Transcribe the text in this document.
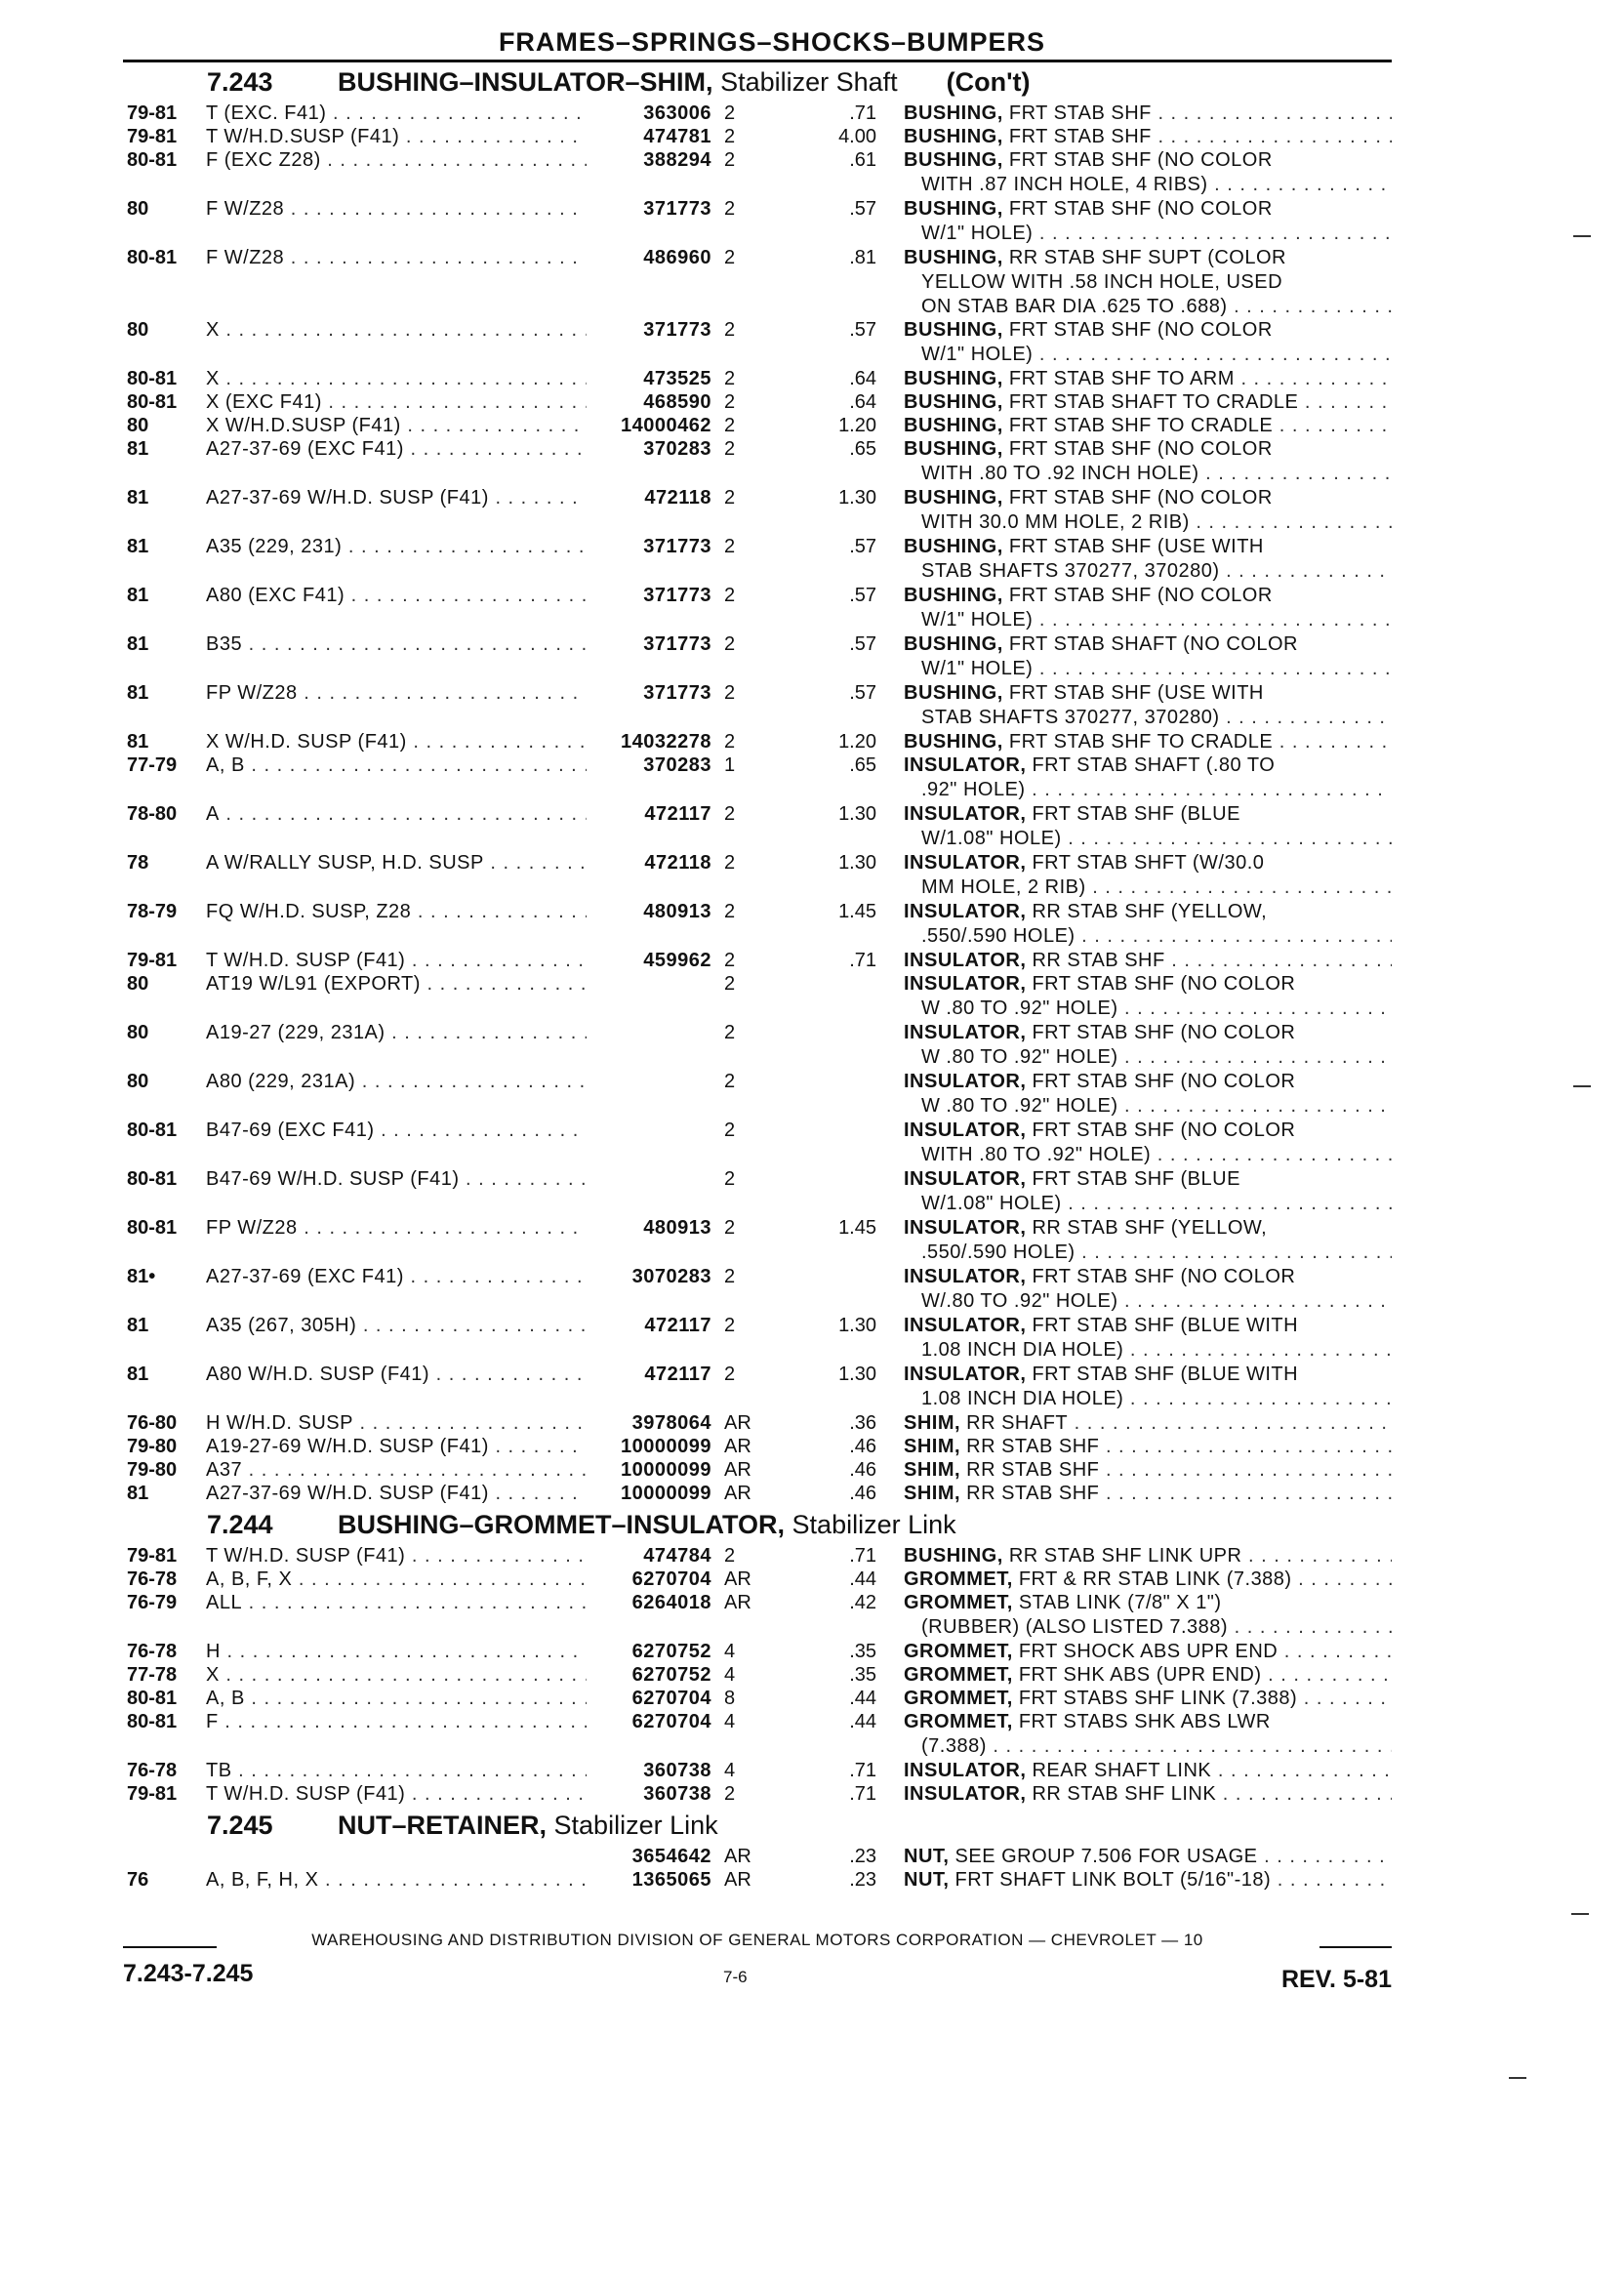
FRAMES–SPRINGS–SHOCKS–BUMPERS
7.243 BUSHING–INSULATOR–SHIM, Stabilizer Shaft (Con't)
79-81	T (EXC. F41) . . .	363006 2	.71 BUSHING, FRT STAB SHF . . .
79-81	T W/H.D.SUSP (F41) . . .	474781 2	4.00 BUSHING, FRT STAB SHF . . .
80-81	F (EXC Z28) . . .	388294 2	.61 BUSHING, FRT STAB SHF (NO COLOR
WITH .87 INCH HOLE, 4 RIBS) . . .
80	F W/Z28 . . .	371773 2	.57 BUSHING, FRT STAB SHF (NO COLOR
W/1" HOLE) . . .
80-81	F W/Z28 . . .	486960 2	.81 BUSHING, RR STAB SHF SUPT (COLOR
YELLOW WITH .58 INCH HOLE, USED
ON STAB BAR DIA .625 TO .688) . . .
80	X . . .	371773 2	.57 BUSHING, FRT STAB SHF (NO COLOR
W/1" HOLE) . . .
80-81	X . . .	473525 2	.64 BUSHING, FRT STAB SHF TO ARM . . .
80-81	X (EXC F41) . . .	468590 2	.64 BUSHING, FRT STAB SHAFT TO CRADLE . . .
80	X W/H.D.SUSP (F41) . . .	14000462 2	1.20 BUSHING, FRT STAB SHF TO CRADLE . . .
81	A27-37-69 (EXC F41) . . .	370283 2	.65 BUSHING, FRT STAB SHF (NO COLOR
WITH .80 TO .92 INCH HOLE) . . .
81	A27-37-69 W/H.D. SUSP (F41) . . .	472118 2	1.30 BUSHING, FRT STAB SHF (NO COLOR
WITH 30.0 MM HOLE, 2 RIB) . . .
81	A35 (229, 231) . . .	371773 2	.57 BUSHING, FRT STAB SHF (USE WITH
STAB SHAFTS 370277, 370280) . . .
81	A80 (EXC F41) . . .	371773 2	.57 BUSHING, FRT STAB SHF (NO COLOR
W/1" HOLE) . . .
81	B35 . . .	371773 2	.57 BUSHING, FRT STAB SHAFT (NO COLOR
W/1" HOLE) . . .
81	FP W/Z28 . . .	371773 2	.57 BUSHING, FRT STAB SHF (USE WITH
STAB SHAFTS 370277, 370280) . . .
81	X W/H.D. SUSP (F41) . . .	14032278 2	1.20 BUSHING, FRT STAB SHF TO CRADLE . . .
77-79	A, B . . .	370283 1	.65 INSULATOR, FRT STAB SHAFT (.80 TO
.92" HOLE) . . .
78-80	A . . .	472117 2	1.30 INSULATOR, FRT STAB SHF (BLUE
W/1.08" HOLE) . . .
78	A W/RALLY SUSP, H.D. SUSP . . .	472118 2	1.30 INSULATOR, FRT STAB SHFT (W/30.0
MM HOLE, 2 RIB) . . .
78-79	FQ W/H.D. SUSP, Z28 . . .	480913 2	1.45 INSULATOR, RR STAB SHF (YELLOW,
.550/.590 HOLE) . . .
79-81	T W/H.D. SUSP (F41) . . .	459962 2	.71 INSULATOR, RR STAB SHF . . .
80	AT19 W/L91 (EXPORT) . . .	2	INSULATOR, FRT STAB SHF (NO COLOR
W .80 TO .92" HOLE) . . .
80	A19-27 (229, 231A) . . .	2	INSULATOR, FRT STAB SHF (NO COLOR
W .80 TO .92" HOLE) . . .
80	A80 (229, 231A) . . .	2	INSULATOR, FRT STAB SHF (NO COLOR
W .80 TO .92" HOLE) . . .
80-81	B47-69 (EXC F41) . . .	2	INSULATOR, FRT STAB SHF (NO COLOR
WITH .80 TO .92" HOLE) . . .
80-81	B47-69 W/H.D. SUSP (F41) . . .	2	INSULATOR, FRT STAB SHF (BLUE
W/1.08" HOLE) . . .
80-81	FP W/Z28 . . .	480913 2	1.45 INSULATOR, RR STAB SHF (YELLOW,
.550/.590 HOLE) . . .
81•	A27-37-69 (EXC F41) . . .	3070283 2	INSULATOR, FRT STAB SHF (NO COLOR
W/.80 TO .92" HOLE) . . .
81	A35 (267, 305H) . . .	472117 2	1.30 INSULATOR, FRT STAB SHF (BLUE WITH
1.08 INCH DIA HOLE) . . .
81	A80 W/H.D. SUSP (F41) . . .	472117 2	1.30 INSULATOR, FRT STAB SHF (BLUE WITH
1.08 INCH DIA HOLE) . . .
76-80	H W/H.D. SUSP . . .	3978064 AR	.36 SHIM, RR SHAFT . . .
79-80	A19-27-69 W/H.D. SUSP (F41) . . .	10000099 AR	.46 SHIM, RR STAB SHF . . .
79-80	A37 . . .	10000099 AR	.46 SHIM, RR STAB SHF . . .
81	A27-37-69 W/H.D. SUSP (F41) . . .	10000099 AR	.46 SHIM, RR STAB SHF . . .
7.244 BUSHING–GROMMET–INSULATOR, Stabilizer Link
79-81	T W/H.D. SUSP (F41) . . .	474784 2	.71 BUSHING, RR STAB SHF LINK UPR . . .
76-78	A, B, F, X . . .	6270704 AR	.44 GROMMET, FRT & RR STAB LINK (7.388) . . .
76-79	ALL . . .	6264018 AR	.42 GROMMET, STAB LINK (7/8" X 1")
(RUBBER) (ALSO LISTED 7.388) . . .
76-78	H . . .	6270752 4	.35 GROMMET, FRT SHOCK ABS UPR END . . .
77-78	X . . .	6270752 4	.35 GROMMET, FRT SHK ABS (UPR END) . . .
80-81	A, B . . .	6270704 8	.44 GROMMET, FRT STABS SHF LINK (7.388) . . .
80-81	F . . .	6270704 4	.44 GROMMET, FRT STABS SHK ABS LWR
(7.388) . . .
76-78	TB . . .	360738 4	.71 INSULATOR, REAR SHAFT LINK . . .
79-81	T W/H.D. SUSP (F41) . . .	360738 2	.71 INSULATOR, RR STAB SHF LINK . . .
7.245 NUT–RETAINER, Stabilizer Link
3654642 AR	.23 NUT, SEE GROUP 7.506 FOR USAGE . . .
76	A, B, F, H, X . . .	1365065 AR	.23 NUT, FRT SHAFT LINK BOLT (5/16"-18) . . .
WAREHOUSING AND DISTRIBUTION DIVISION OF GENERAL MOTORS CORPORATION — CHEVROLET — 10
7.243-7.245	7-6	REV. 5-81
